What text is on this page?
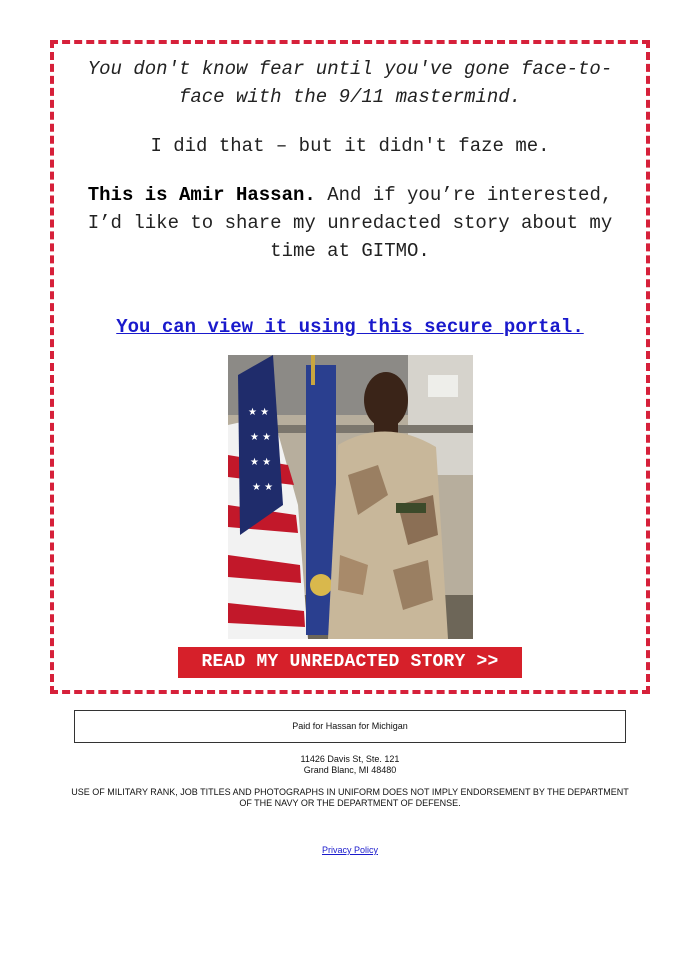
You don't know fear until you've gone face-to-face with the 9/11 mastermind.

I did that – but it didn't faze me.

This is Amir Hassan. And if you’re interested, I’d like to share my unredacted story about my time at GITMO.

You can view it using this secure portal.
★ ★
★ ★
★ ★
★ ★
READ MY UNREDACTED STORY >>
Paid for Hassan for Michigan
11426 Davis St, Ste. 121
Grand Blanc, MI 48480
USE OF MILITARY RANK, JOB TITLES AND PHOTOGRAPHS IN UNIFORM DOES NOT IMPLY ENDORSEMENT BY THE DEPARTMENT OF THE NAVY OR THE DEPARTMENT OF DEFENSE.
Privacy Policy
